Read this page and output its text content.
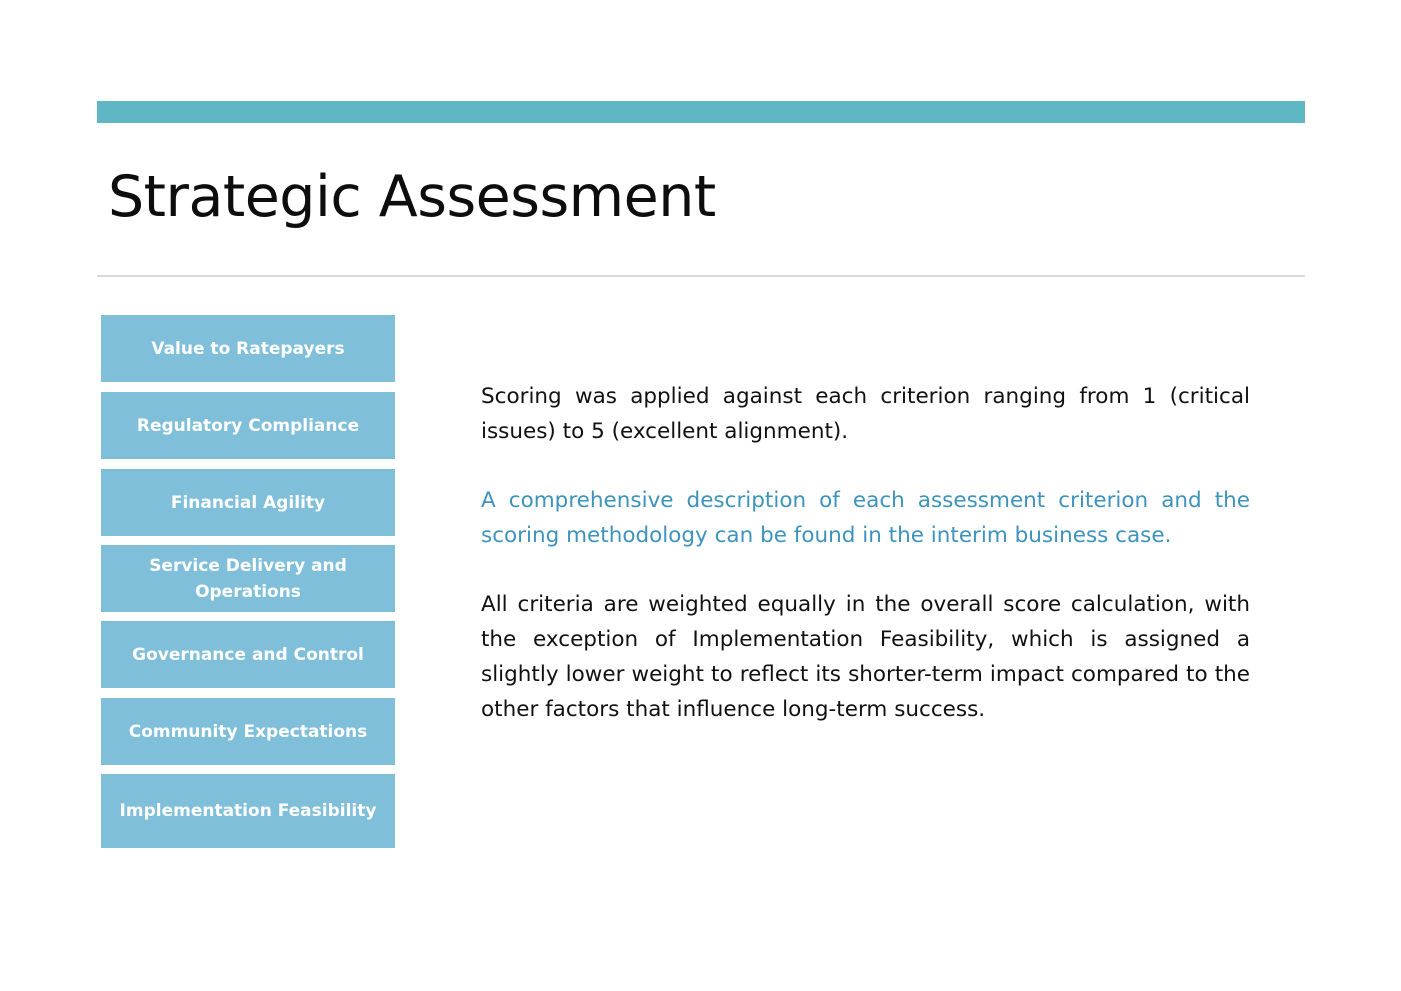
Strategic Assessment
Value to Ratepayers
Regulatory Compliance
Financial Agility
Service Delivery and Operations
Governance and Control
Community Expectations
Implementation Feasibility

Scoring was applied against each criterion ranging from 1 (critical issues) to 5 (excellent alignment).

A comprehensive description of each assessment criterion and the scoring methodology can be found in the interim business case.

All criteria are weighted equally in the overall score calculation, with the exception of Implementation Feasibility, which is assigned a slightly lower weight to reflect its shorter-term impact compared to the other factors that influence long-term success.
